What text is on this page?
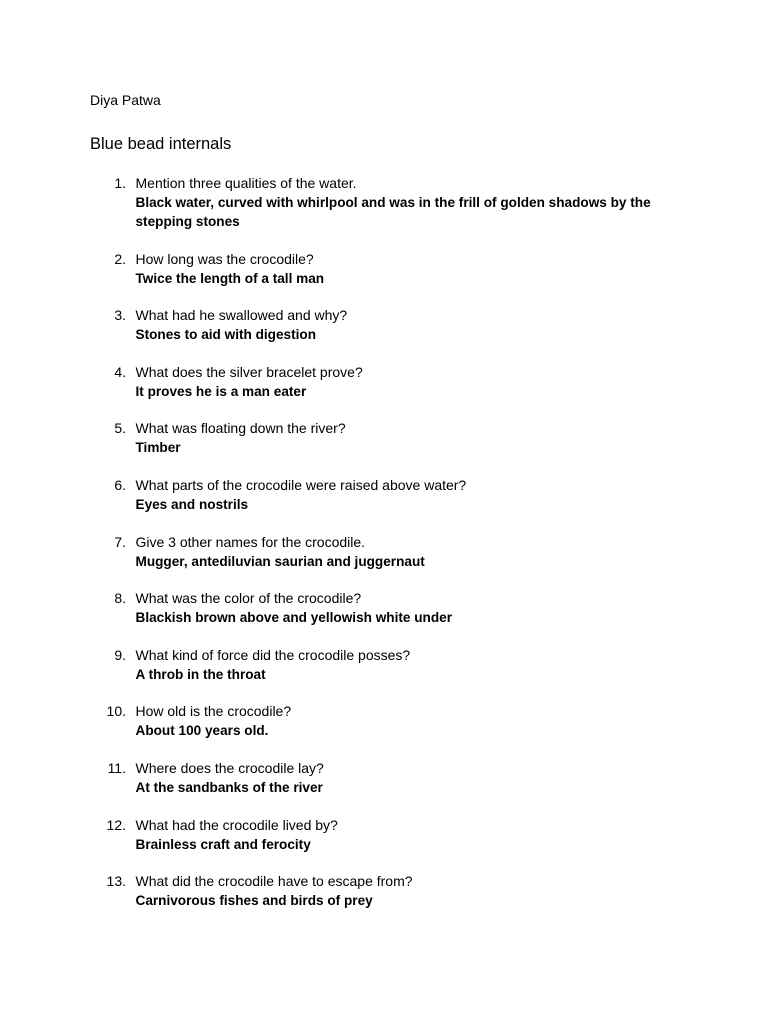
Diya Patwa

Blue bead internals
1. Mention three qualities of the water.
Black water, curved with whirlpool and was in the frill of golden shadows by the stepping stones
2. How long was the crocodile?
Twice the length of a tall man
3. What had he swallowed and why?
Stones to aid with digestion
4. What does the silver bracelet prove?
It proves he is a man eater
5. What was floating down the river?
Timber
6. What parts of the crocodile were raised above water?
Eyes and nostrils
7. Give 3 other names for the crocodile.
Mugger, antediluvian saurian and juggernaut
8. What was the color of the crocodile?
Blackish brown above and yellowish white under
9. What kind of force did the crocodile posses?
A throb in the throat
10. How old is the crocodile?
About 100 years old.
11. Where does the crocodile lay?
At the sandbanks of the river
12. What had the crocodile lived by?
Brainless craft and ferocity
13. What did the crocodile have to escape from?
Carnivorous fishes and birds of prey
